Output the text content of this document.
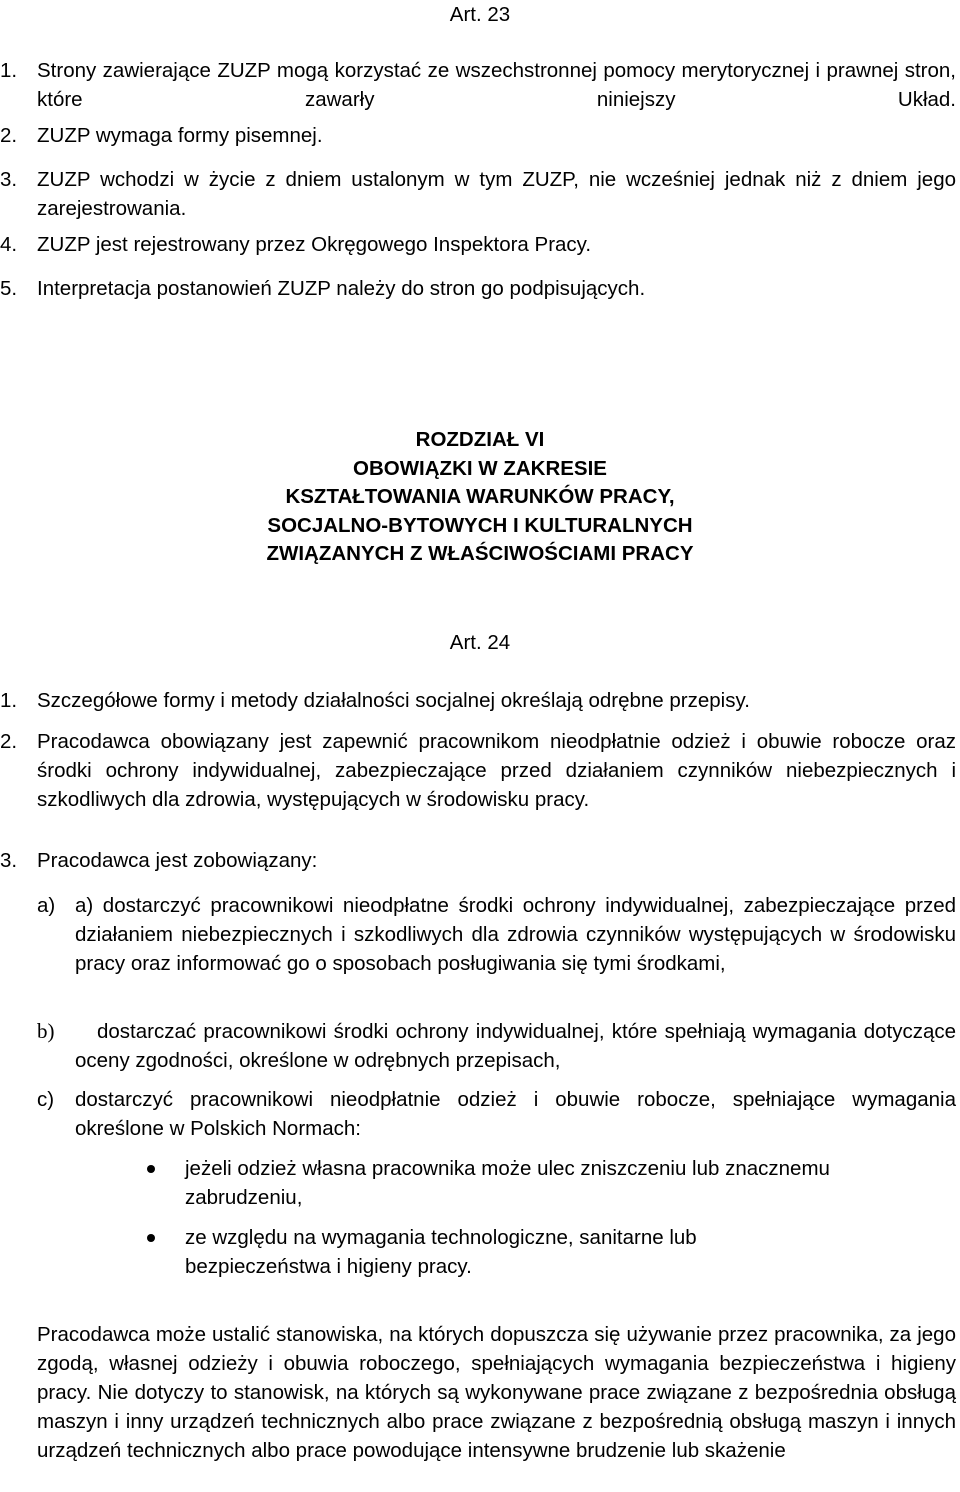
Art. 23
1. Strony zawierające ZUZP mogą korzystać ze wszechstronnej pomocy merytorycznej i prawnej stron, które zawarły niniejszy Układ.
2. ZUZP wymaga formy pisemnej.
3. ZUZP wchodzi w życie z dniem ustalonym w tym ZUZP, nie wcześniej jednak niż z dniem jego zarejestrowania.
4. ZUZP jest rejestrowany przez Okręgowego Inspektora Pracy.
5. Interpretacja postanowień ZUZP należy do stron go podpisujących.
ROZDZIAŁ VI
OBOWIĄZKI W ZAKRESIE
KSZTAŁTOWANIA WARUNKÓW PRACY,
SOCJALNO-BYTOWYCH I KULTURALNYCH
ZWIĄZANYCH Z WŁAŚCIWOŚCIAMI PRACY
Art. 24
1. Szczegółowe formy i metody działalności socjalnej określają odrębne przepisy.
2. Pracodawca obowiązany jest zapewnić pracownikom nieodpłatnie odzież i obuwie robocze oraz środki ochrony indywidualnej, zabezpieczające przed działaniem czynników niebezpiecznych i szkodliwych dla zdrowia, występujących w środowisku pracy.
3. Pracodawca jest zobowiązany:
a) a) dostarczyć pracownikowi nieodpłatne środki ochrony indywidualnej, zabezpieczające przed działaniem niebezpiecznych i szkodliwych dla zdrowia czynników występujących w środowisku pracy oraz informować go o sposobach posługiwania się tymi środkami,
b)	dostarczać pracownikowi środki ochrony indywidualnej, które spełniają wymagania dotyczące oceny zgodności, określone w odrębnych przepisach,
c) dostarczyć pracownikowi nieodpłatnie odzież i obuwie robocze, spełniające wymagania określone w Polskich Normach:
jeżeli odzież własna pracownika może ulec zniszczeniu lub znacznemu zabrudzeniu,
ze względu na wymagania technologiczne, sanitarne lub bezpieczeństwa i higieny pracy.
Pracodawca może ustalić stanowiska, na których dopuszcza się używanie przez pracownika, za jego zgodą, własnej odzieży i obuwia roboczego, spełniających wymagania bezpieczeństwa i higieny pracy. Nie dotyczy to stanowisk, na których są wykonywane prace związane z bezpośrednia obsługą maszyn i inny urządzeń technicznych albo prace związane z bezpośrednią obsługą maszyn i innych urządzeń technicznych albo prace powodujące intensywne brudzenie lub skażenie
